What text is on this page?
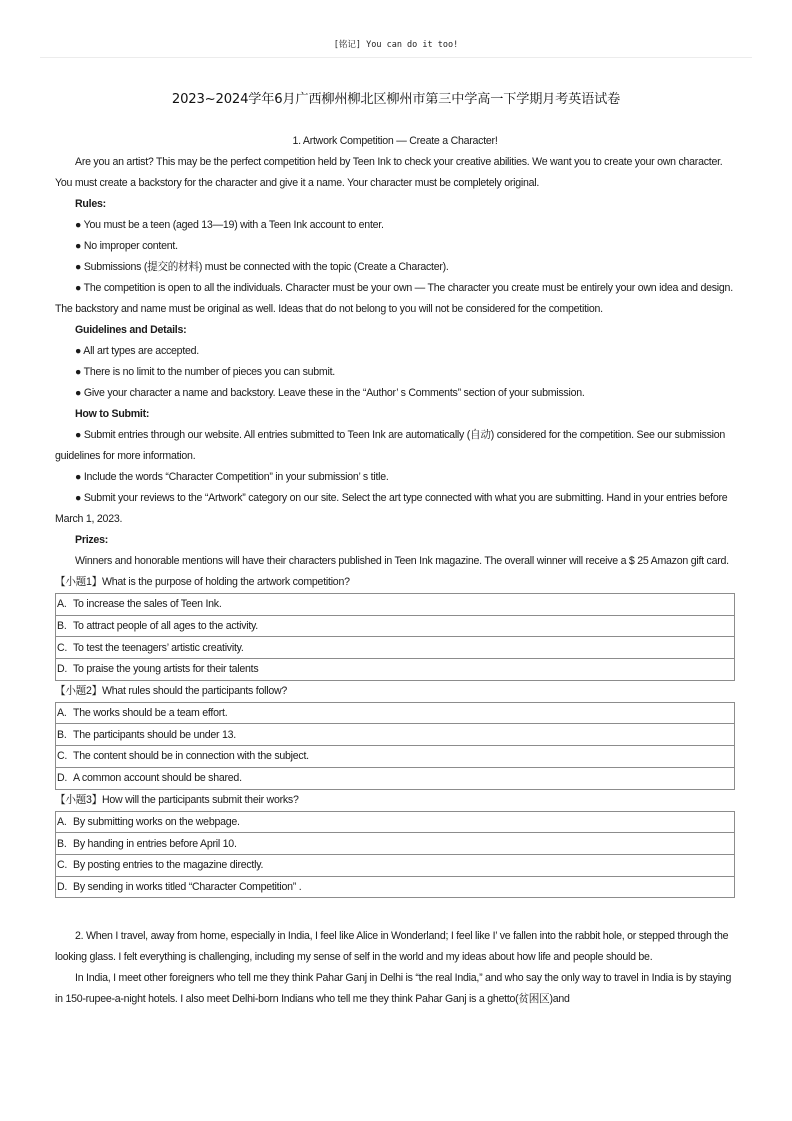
[铭记] You can do it too!
2023~2024学年6月广西柳州柳北区柳州市第三中学高一下学期月考英语试卷

1. Artwork Competition — Create a Character!

Are you an artist? This may be the perfect competition held by Teen Ink to check your creative abilities. We want you to create your own character. You must create a backstory for the character and give it a name. Your character must be completely original.

Rules:

● You must be a teen (aged 13—19) with a Teen Ink account to enter.

● No improper content.

● Submissions (提交的材料) must be connected with the topic (Create a Character).

● The competition is open to all the individuals. Character must be your own — The character you create must be entirely your own idea and design. The backstory and name must be original as well. Ideas that do not belong to you will not be considered for the competition.

Guidelines and Details:

● All art types are accepted.

● There is no limit to the number of pieces you can submit.

● Give your character a name and backstory. Leave these in the “Author’ s Comments” section of your submission.

How to Submit:

● Submit entries through our website. All entries submitted to Teen Ink are automatically (自动) considered for the competition. See our submission guidelines for more information.

● Include the words “Character Competition” in your submission’ s title.

● Submit your reviews to the “Artwork” category on our site. Select the art type connected with what you are submitting. Hand in your entries before March 1, 2023.

Prizes:

Winners and honorable mentions will have their characters published in Teen Ink magazine. The overall winner will receive a $ 25 Amazon gift card.

【小题1】What is the purpose of holding the artwork competition?

A. To increase the sales of Teen Ink.
B. To attract people of all ages to the activity.
C. To test the teenagers’ artistic creativity.
D. To praise the young artists for their talents

【小题2】What rules should the participants follow?

A. The works should be a team effort.
B. The participants should be under 13.
C. The content should be in connection with the subject.
D. A common account should be shared.

【小题3】How will the participants submit their works?

A. By submitting works on the webpage.
B. By handing in entries before April 10.
C. By posting entries to the magazine directly.
D. By sending in works titled “Character Competition” .

2. When I travel, away from home, especially in India, I feel like Alice in Wonderland; I feel like I’ ve fallen into the rabbit hole, or stepped through the looking glass. I felt everything is challenging, including my sense of self in the world and my ideas about how life and people should be.

In India, I meet other foreigners who tell me they think Pahar Ganj in Delhi is “the real India,” and who say the only way to travel in India is by staying in 150-rupee-a-night hotels. I also meet Delhi-born Indians who tell me they think Pahar Ganj is a ghetto(贫困区)and
